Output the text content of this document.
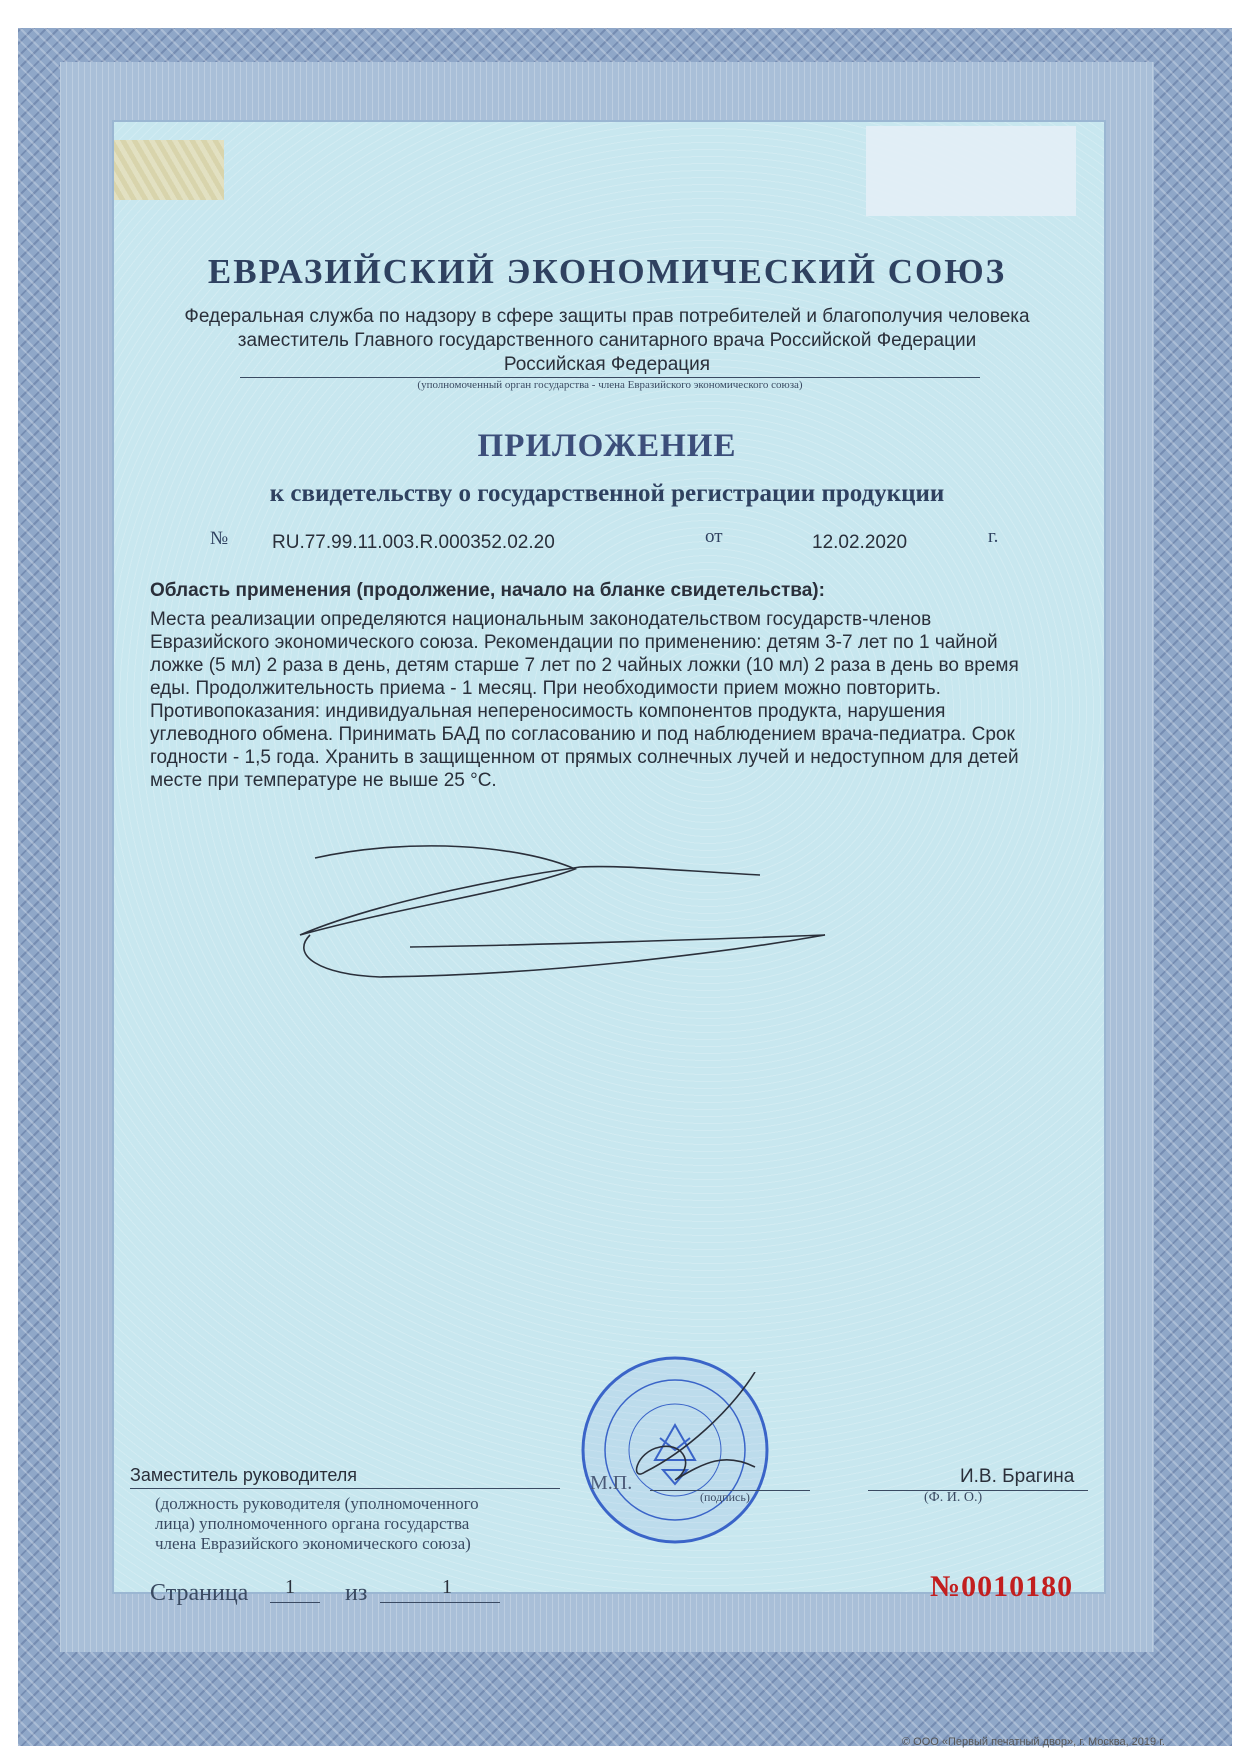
ЕВРАЗИЙСКИЙ ЭКОНОМИЧЕСКИЙ СОЮЗ

Федеральная служба по надзору в сфере защиты прав потребителей и благополучия человека

заместитель Главного государственного санитарного врача Российской Федерации

Российская Федерация

(уполномоченный орган государства - члена Евразийского экономического союза)

ПРИЛОЖЕНИЕ

к свидетельству о государственной регистрации продукции

№ RU.77.99.11.003.R.000352.02.20	от	12.02.2020	г.

Область применения (продолжение, начало на бланке свидетельства):

Места реализации определяются национальным законодательством государств-членов
Евразийского экономического союза. Рекомендации по применению: детям 3-7 лет по 1 чайной
ложке (5 мл) 2 раза в день, детям старше 7 лет по 2 чайных ложки (10 мл) 2 раза в день во время
еды. Продолжительность приема - 1 месяц. При необходимости прием можно повторить.
Противопоказания: индивидуальная непереносимость компонентов продукта, нарушения
углеводного обмена. Принимать БАД по согласованию и под наблюдением врача-педиатра. Срок
годности - 1,5 года. Хранить в защищенном от прямых солнечных лучей и недоступном для детей
месте при температуре не выше 25 °С.

Заместитель руководителя

(должность руководителя (уполномоченного
лица) уполномоченного органа государства
члена Евразийского экономического союза)

М.П.

(подпись)

И.В. Брагина

(Ф. И. О.)

Страница 1 из	1	№0010180

© ООО «Первый печатный двор», г. Москва, 2019 г.
